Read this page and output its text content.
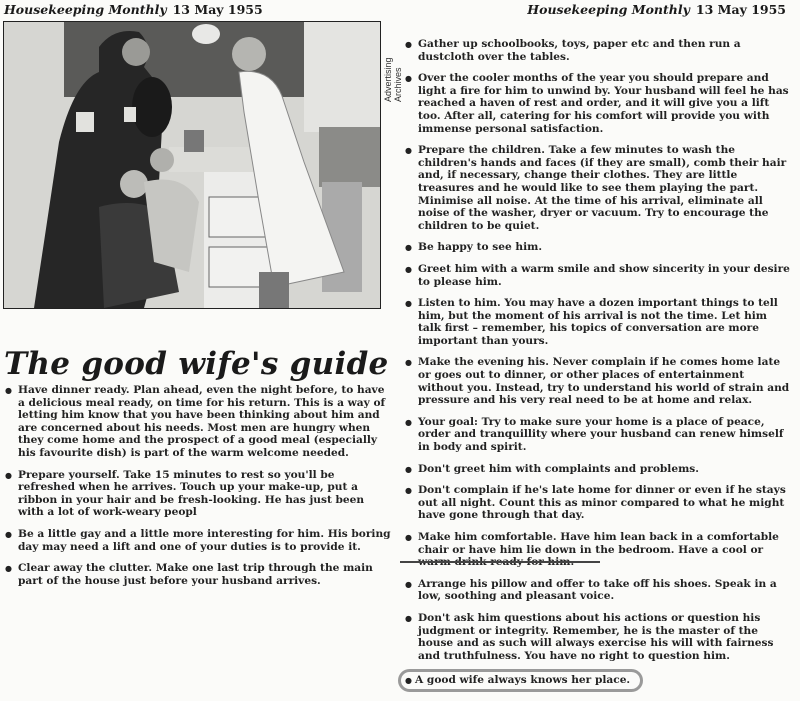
Housekeeping Monthly 13 May 1955	Housekeeping Monthly 13 May 1955
Advertising Archives
The good wife's guide
● Have dinner ready. Plan ahead, even the night before, to have a delicious meal ready, on time for his return. This is a way of letting him know that you have been thinking about him and are concerned about his needs. Most men are hungry when they come home and the prospect of a good meal (especially his favourite dish) is part of the warm welcome needed.
● Prepare yourself. Take 15 minutes to rest so you'll be refreshed when he arrives. Touch up your make-up, put a ribbon in your hair and be fresh-looking. He has just been with a lot of work-weary peopl
● Be a little gay and a little more interesting for him. His boring day may need a lift and one of your duties is to provide it.
● Clear away the clutter. Make one last trip through the main part of the house just before your husband arrives.
● Gather up schoolbooks, toys, paper etc and then run a dustcloth over the tables.
● Over the cooler months of the year you should prepare and light a fire for him to unwind by. Your husband will feel he has reached a haven of rest and order, and it will give you a lift too. After all, catering for his comfort will provide you with immense personal satisfaction.
● Prepare the children. Take a few minutes to wash the children's hands and faces (if they are small), comb their hair and, if necessary, change their clothes. They are little treasures and he would like to see them playing the part. Minimise all noise. At the time of his arrival, eliminate all noise of the washer, dryer or vacuum. Try to encourage the children to be quiet.
● Be happy to see him.
● Greet him with a warm smile and show sincerity in your desire to please him.
● Listen to him. You may have a dozen important things to tell him, but the moment of his arrival is not the time. Let him talk first – remember, his topics of conversation are more important than yours.
● Make the evening his. Never complain if he comes home late or goes out to dinner, or other places of entertainment without you. Instead, try to understand his world of strain and pressure and his very real need to be at home and relax.
● Your goal: Try to make sure your home is a place of peace, order and tranquillity where your husband can renew himself in body and spirit.
● Don't greet him with complaints and problems.
● Don't complain if he's late home for dinner or even if he stays out all night. Count this as minor compared to what he might have gone through that day.
● Make him comfortable. Have him lean back in a comfortable chair or have him lie down in the bedroom. Have a cool or warm drink ready for him.
● Arrange his pillow and offer to take off his shoes. Speak in a low, soothing and pleasant voice.
● Don't ask him questions about his actions or question his judgment or integrity. Remember, he is the master of the house and as such will always exercise his will with fairness and truthfulness. You have no right to question him.
● A good wife always knows her place.
